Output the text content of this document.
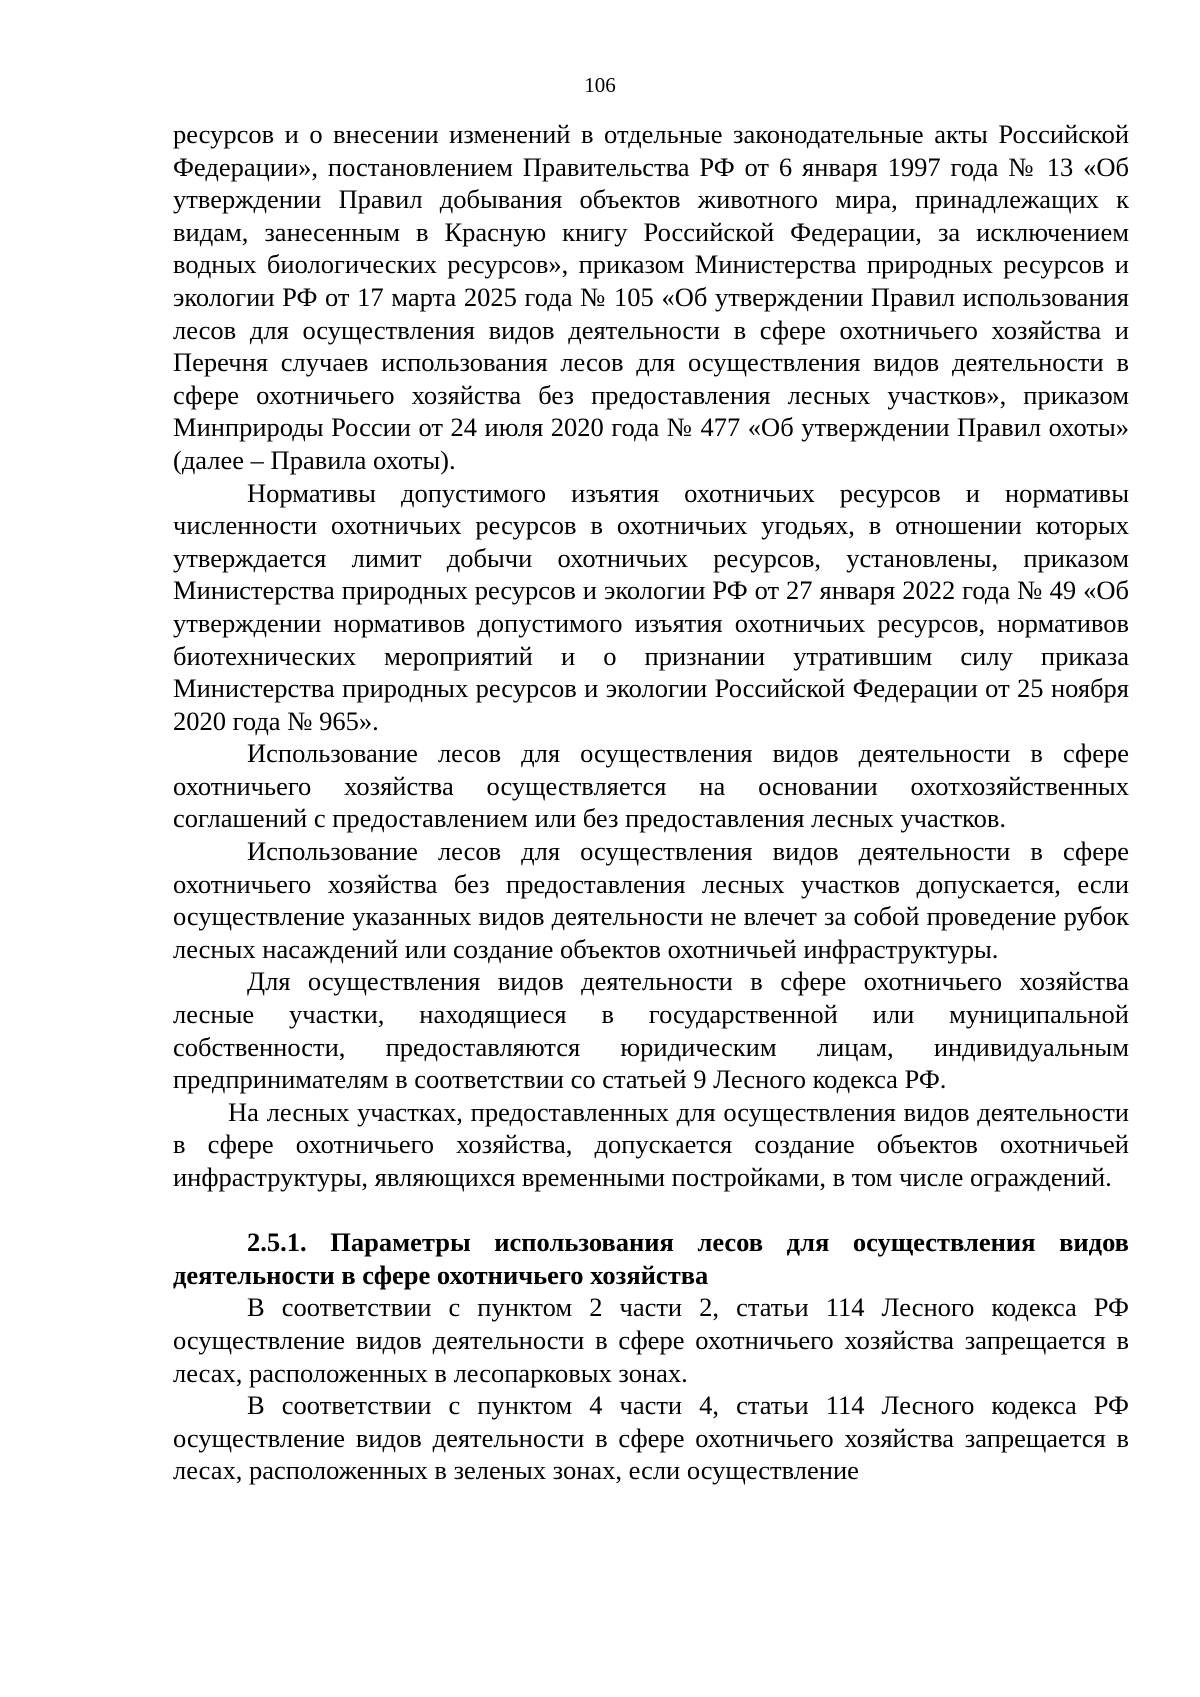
106

ресурсов и о внесении изменений в отдельные законодательные акты Российской Федерации», постановлением Правительства РФ от 6 января 1997 года № 13 «Об утверждении Правил добывания объектов животного мира, принадлежащих к видам, занесенным в Красную книгу Российской Федерации, за исключением водных биологических ресурсов», приказом Министерства природных ресурсов и экологии РФ от 17 марта 2025 года № 105 «Об утверждении Правил использования лесов для осуществления видов деятельности в сфере охотничьего хозяйства и Перечня случаев использования лесов для осуществления видов деятельности в сфере охотничьего хозяйства без предоставления лесных участков», приказом Минприроды России от 24 июля 2020 года № 477 «Об утверждении Правил охоты» (далее – Правила охоты).

Нормативы допустимого изъятия охотничьих ресурсов и нормативы численности охотничьих ресурсов в охотничьих угодьях, в отношении которых утверждается лимит добычи охотничьих ресурсов, установлены, приказом Министерства природных ресурсов и экологии РФ от 27 января 2022 года № 49 «Об утверждении нормативов допустимого изъятия охотничьих ресурсов, нормативов биотехнических мероприятий и о признании утратившим силу приказа Министерства природных ресурсов и экологии Российской Федерации от 25 ноября 2020 года № 965».

Использование лесов для осуществления видов деятельности в сфере охотничьего хозяйства осуществляется на основании охотхозяйственных соглашений с предоставлением или без предоставления лесных участков.

Использование лесов для осуществления видов деятельности в сфере охотничьего хозяйства без предоставления лесных участков допускается, если осуществление указанных видов деятельности не влечет за собой проведение рубок лесных насаждений или создание объектов охотничьей инфраструктуры.

Для осуществления видов деятельности в сфере охотничьего хозяйства лесные участки, находящиеся в государственной или муниципальной собственности, предоставляются юридическим лицам, индивидуальным предпринимателям в соответствии со статьей 9 Лесного кодекса РФ.

На лесных участках, предоставленных для осуществления видов деятельности в сфере охотничьего хозяйства, допускается создание объектов охотничьей инфраструктуры, являющихся временными постройками, в том числе ограждений.

2.5.1. Параметры использования лесов для осуществления видов деятельности в сфере охотничьего хозяйства

В соответствии с пунктом 2 части 2, статьи 114 Лесного кодекса РФ осуществление видов деятельности в сфере охотничьего хозяйства запрещается в лесах, расположенных в лесопарковых зонах.

В соответствии с пунктом 4 части 4, статьи 114 Лесного кодекса РФ осуществление видов деятельности в сфере охотничьего хозяйства запрещается в лесах, расположенных в зеленых зонах, если осуществление
